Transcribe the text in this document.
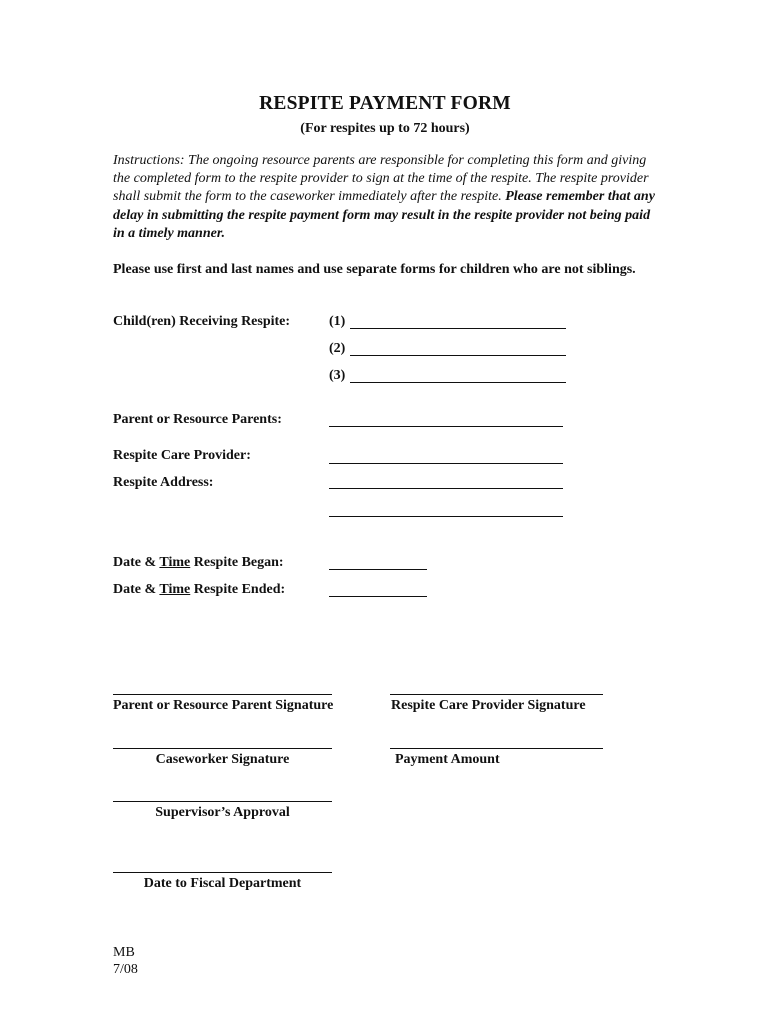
RESPITE PAYMENT FORM
(For respites up to 72 hours)
Instructions: The ongoing resource parents are responsible for completing this form and giving the completed form to the respite provider to sign at the time of the respite. The respite provider shall submit the form to the caseworker immediately after the respite. Please remember that any delay in submitting the respite payment form may result in the respite provider not being paid in a timely manner.
Please use first and last names and use separate forms for children who are not siblings.
Child(ren) Receiving Respite:	(1)
(2)
(3)
Parent or Resource Parents:
Respite Care Provider:
Respite Address:
Date & Time Respite Began:
Date & Time Respite Ended:
Parent or Resource Parent Signature	Respite Care Provider Signature
Caseworker Signature	Payment Amount
Supervisor’s Approval
Date to Fiscal Department
MB
7/08
